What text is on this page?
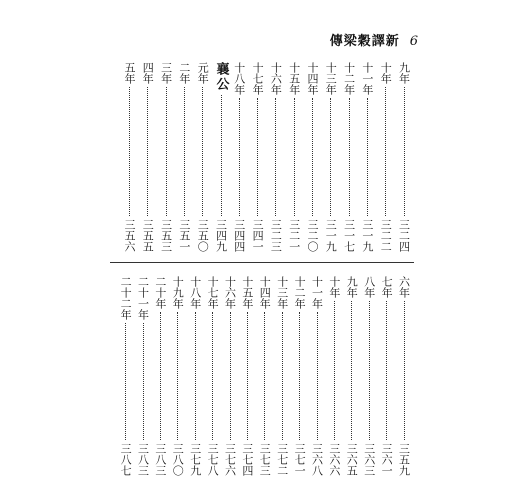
傳梁穀譯新 6
九年
三二四
十年
三二二
十一年
三一九
十二年
三一七
十三年
三一九
十四年
三二〇
十五年
三二一
十六年
三二三
十七年
三四一
十八年
三四四
襄公
三四九
元年
三五〇
二年
三五一
三年
三五三
四年
三五五
五年
三五六
六年
三五九
七年
三六一
八年
三六三
九年
三六五
十年
三六六
十一年
三六八
十二年
三七一
十三年
三七二
十四年
三七三
十五年
三七四
十六年
三七六
十七年
三七八
十八年
三七九
十九年
三八〇
二十年
三八三
二十一年
三八三
二十二年
三八七
